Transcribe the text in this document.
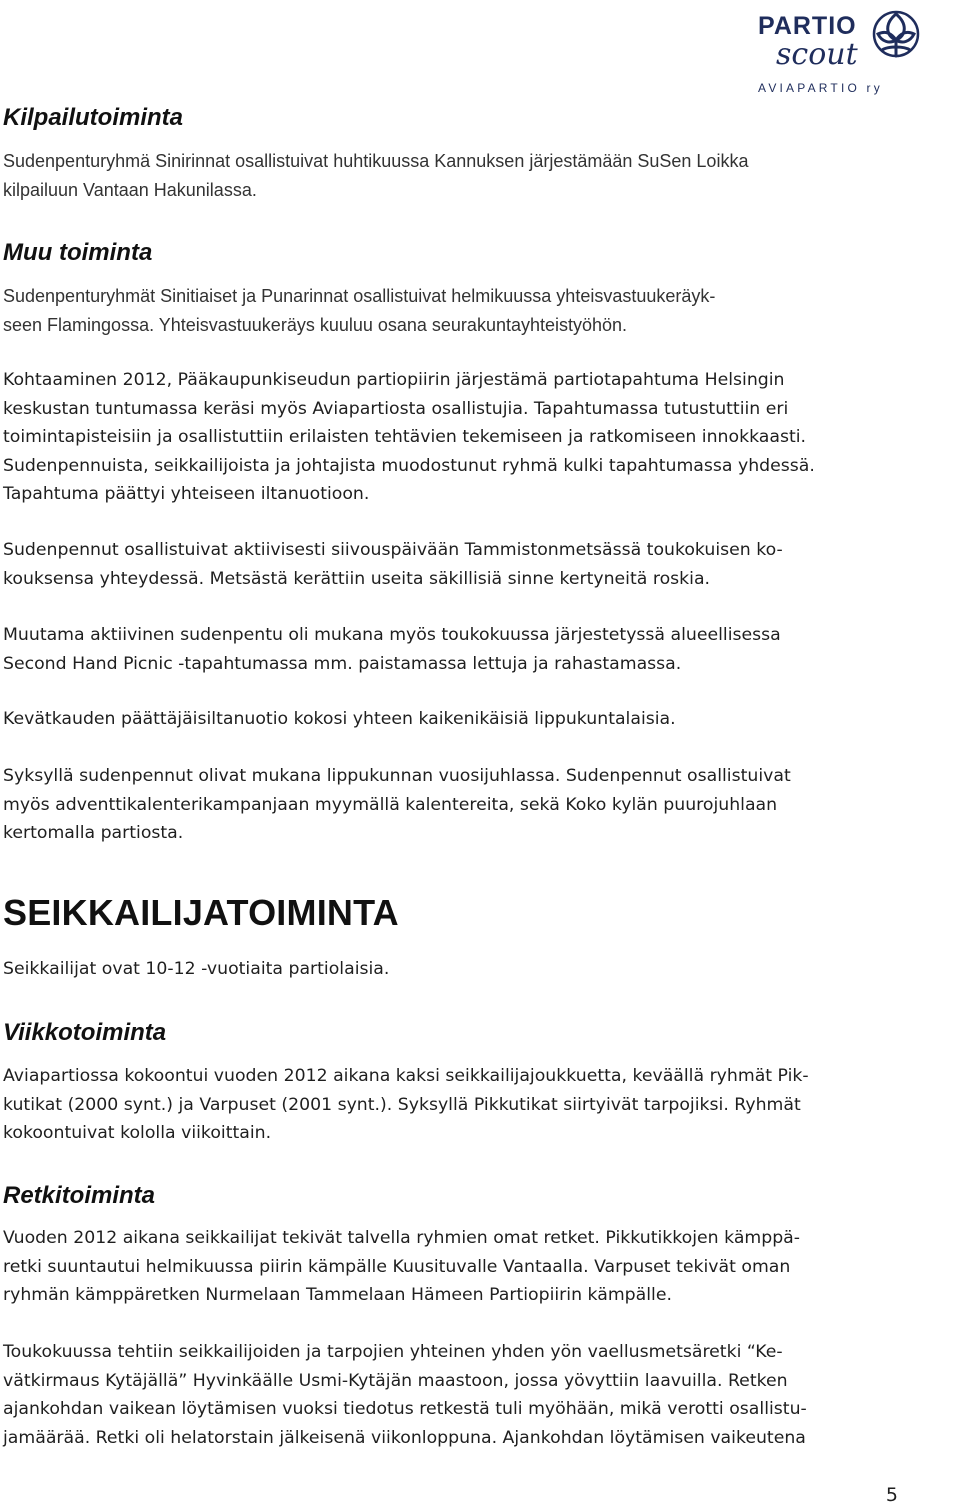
PARTIO
scout
AVIAPARTIO ry
Kilpailutoiminta

Sudenpenturyhmä Sinirinnat osallistuivat huhtikuussa Kannuksen järjestämään SuSen Loikka
kilpailuun Vantaan Hakunilassa.

Muu toiminta

Sudenpenturyhmät Sinitiaiset ja Punarinnat osallistuivat helmikuussa yhteisvastuukeräyk-
seen Flamingossa. Yhteisvastuukeräys kuuluu osana seurakuntayhteistyöhön.

Kohtaaminen 2012, Pääkaupunkiseudun partiopiirin järjestämä partiotapahtuma Helsingin
keskustan tuntumassa keräsi myös Aviapartiosta osallistujia. Tapahtumassa tutustuttiin eri
toimintapisteisiin ja osallistuttiin erilaisten tehtävien tekemiseen ja ratkomiseen innokkaasti.
Sudenpennuista, seikkailijoista ja johtajista muodostunut ryhmä kulki tapahtumassa yhdessä.
Tapahtuma päättyi yhteiseen iltanuotioon.

Sudenpennut osallistuivat aktiivisesti siivouspäivään Tammistonmetsässä toukokuisen ko-
kouksensa yhteydessä. Metsästä kerättiin useita säkillisiä sinne kertyneitä roskia.

Muutama aktiivinen sudenpentu oli mukana myös toukokuussa järjestetyssä alueellisessa
Second Hand Picnic -tapahtumassa mm. paistamassa lettuja ja rahastamassa.

Kevätkauden päättäjäisiltanuotio kokosi yhteen kaikenikäisiä lippukuntalaisia.

Syksyllä sudenpennut olivat mukana lippukunnan vuosijuhlassa. Sudenpennut osallistuivat
myös adventtikalenterikampanjaan myymällä kalentereita, sekä Koko kylän puurojuhlaan
kertomalla partiosta.

SEIKKAILIJATOIMINTA

Seikkailijat ovat 10-12 -vuotiaita partiolaisia.

Viikkotoiminta

Aviapartiossa kokoontui vuoden 2012 aikana kaksi seikkailijajoukkuetta, keväällä ryhmät Pik-
kutikat (2000 synt.) ja Varpuset (2001 synt.). Syksyllä Pikkutikat siirtyivät tarpojiksi. Ryhmät
kokoontuivat kololla viikoittain.

Retkitoiminta

Vuoden 2012 aikana seikkailijat tekivät talvella ryhmien omat retket. Pikkutikkojen kämppä-
retki suuntautui helmikuussa piirin kämpälle Kuusituvalle Vantaalla. Varpuset tekivät oman
ryhmän kämppäretken Nurmelaan Tammelaan Hämeen Partiopiirin kämpälle.

Toukokuussa tehtiin seikkailijoiden ja tarpojien yhteinen yhden yön vaellusmetsäretki “Ke-
vätkirmaus Kytäjällä” Hyvinkäälle Usmi-Kytäjän maastoon, jossa yövyttiin laavuilla. Retken
ajankohdan vaikean löytämisen vuoksi tiedotus retkestä tuli myöhään, mikä verotti osallistu-
jamäärää. Retki oli helatorstain jälkeisenä viikonloppuna. Ajankohdan löytämisen vaikeutena

5
